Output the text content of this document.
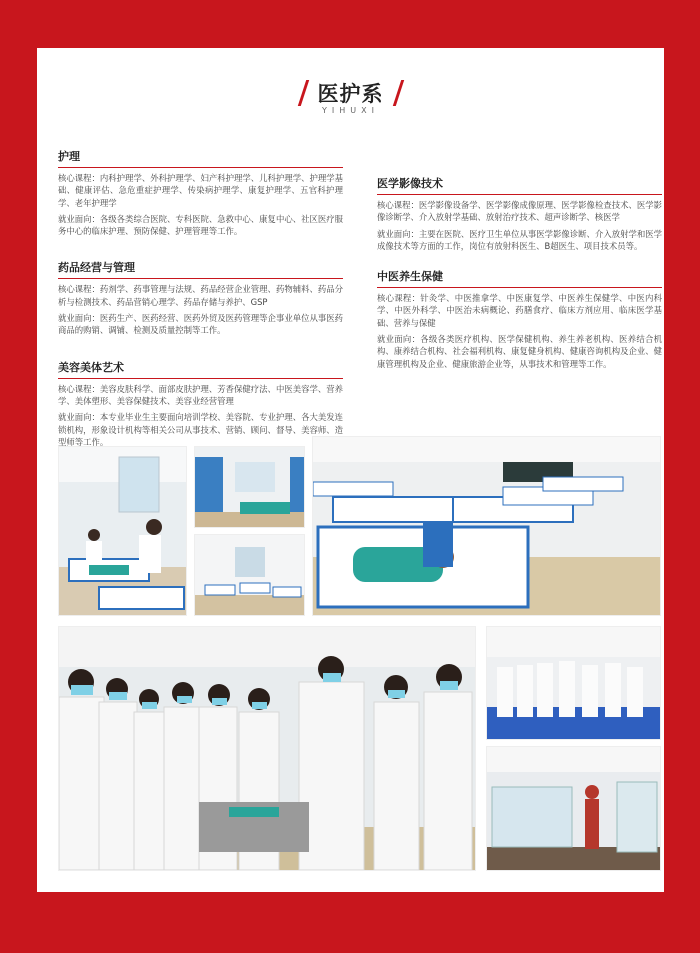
医护系
YIHUXI
护理

核心课程：内科护理学、外科护理学、妇产科护理学、儿科护理学、护理学基础、健康评估、急危重症护理学、传染病护理学、康复护理学、五官科护理学、老年护理学

就业面向：各级各类综合医院、专科医院、急救中心、康复中心、社区医疗服务中心的临床护理、预防保健、护理管理等工作。

药品经营与管理

核心课程：药剂学、药事管理与法规、药品经营企业管理、药物辅料、药品分析与检测技术、药品营销心理学、药品存储与养护、GSP

就业面向：医药生产、医药经营、医药外贸及医药管理等企事业单位从事医药商品的购销、调铺、检测及质量控制等工作。

美容美体艺术

核心课程：美容皮肤科学、面部皮肤护理、芳香保健疗法、中医美容学、营养学、美体塑形、美容保健技术、美容业经营管理

就业面向：本专业毕业生主要面向培训学校、美容院、专业护理、各大美发连锁机构，形象设计机构等相关公司从事技术、营销、顾问、督导、美容师、造型师等工作。

医学影像技术

核心课程：医学影像设备学、医学影像成像原理、医学影像检查技术、医学影像诊断学、介入放射学基础、放射治疗技术、超声诊断学、核医学

就业面向：主要在医院、医疗卫生单位从事医学影像诊断、介入放射学和医学成像技术等方面的工作，岗位有放射科医生、B超医生、项目技术员等。

中医养生保健

核心课程：针灸学、中医推拿学、中医康复学、中医养生保健学、中医内科学、中医外科学、中医治未病概论、药膳食疗、临床方剂应用、临床医学基础、营养与保健

就业面向：各级各类医疗机构、医学保健机构、养生养老机构、医养结合机构、康养结合机构、社会福利机构、康复健身机构、健康咨询机构及企业、健康管理机构及企业、健康旅游企业等，从事技术和管理等工作。
